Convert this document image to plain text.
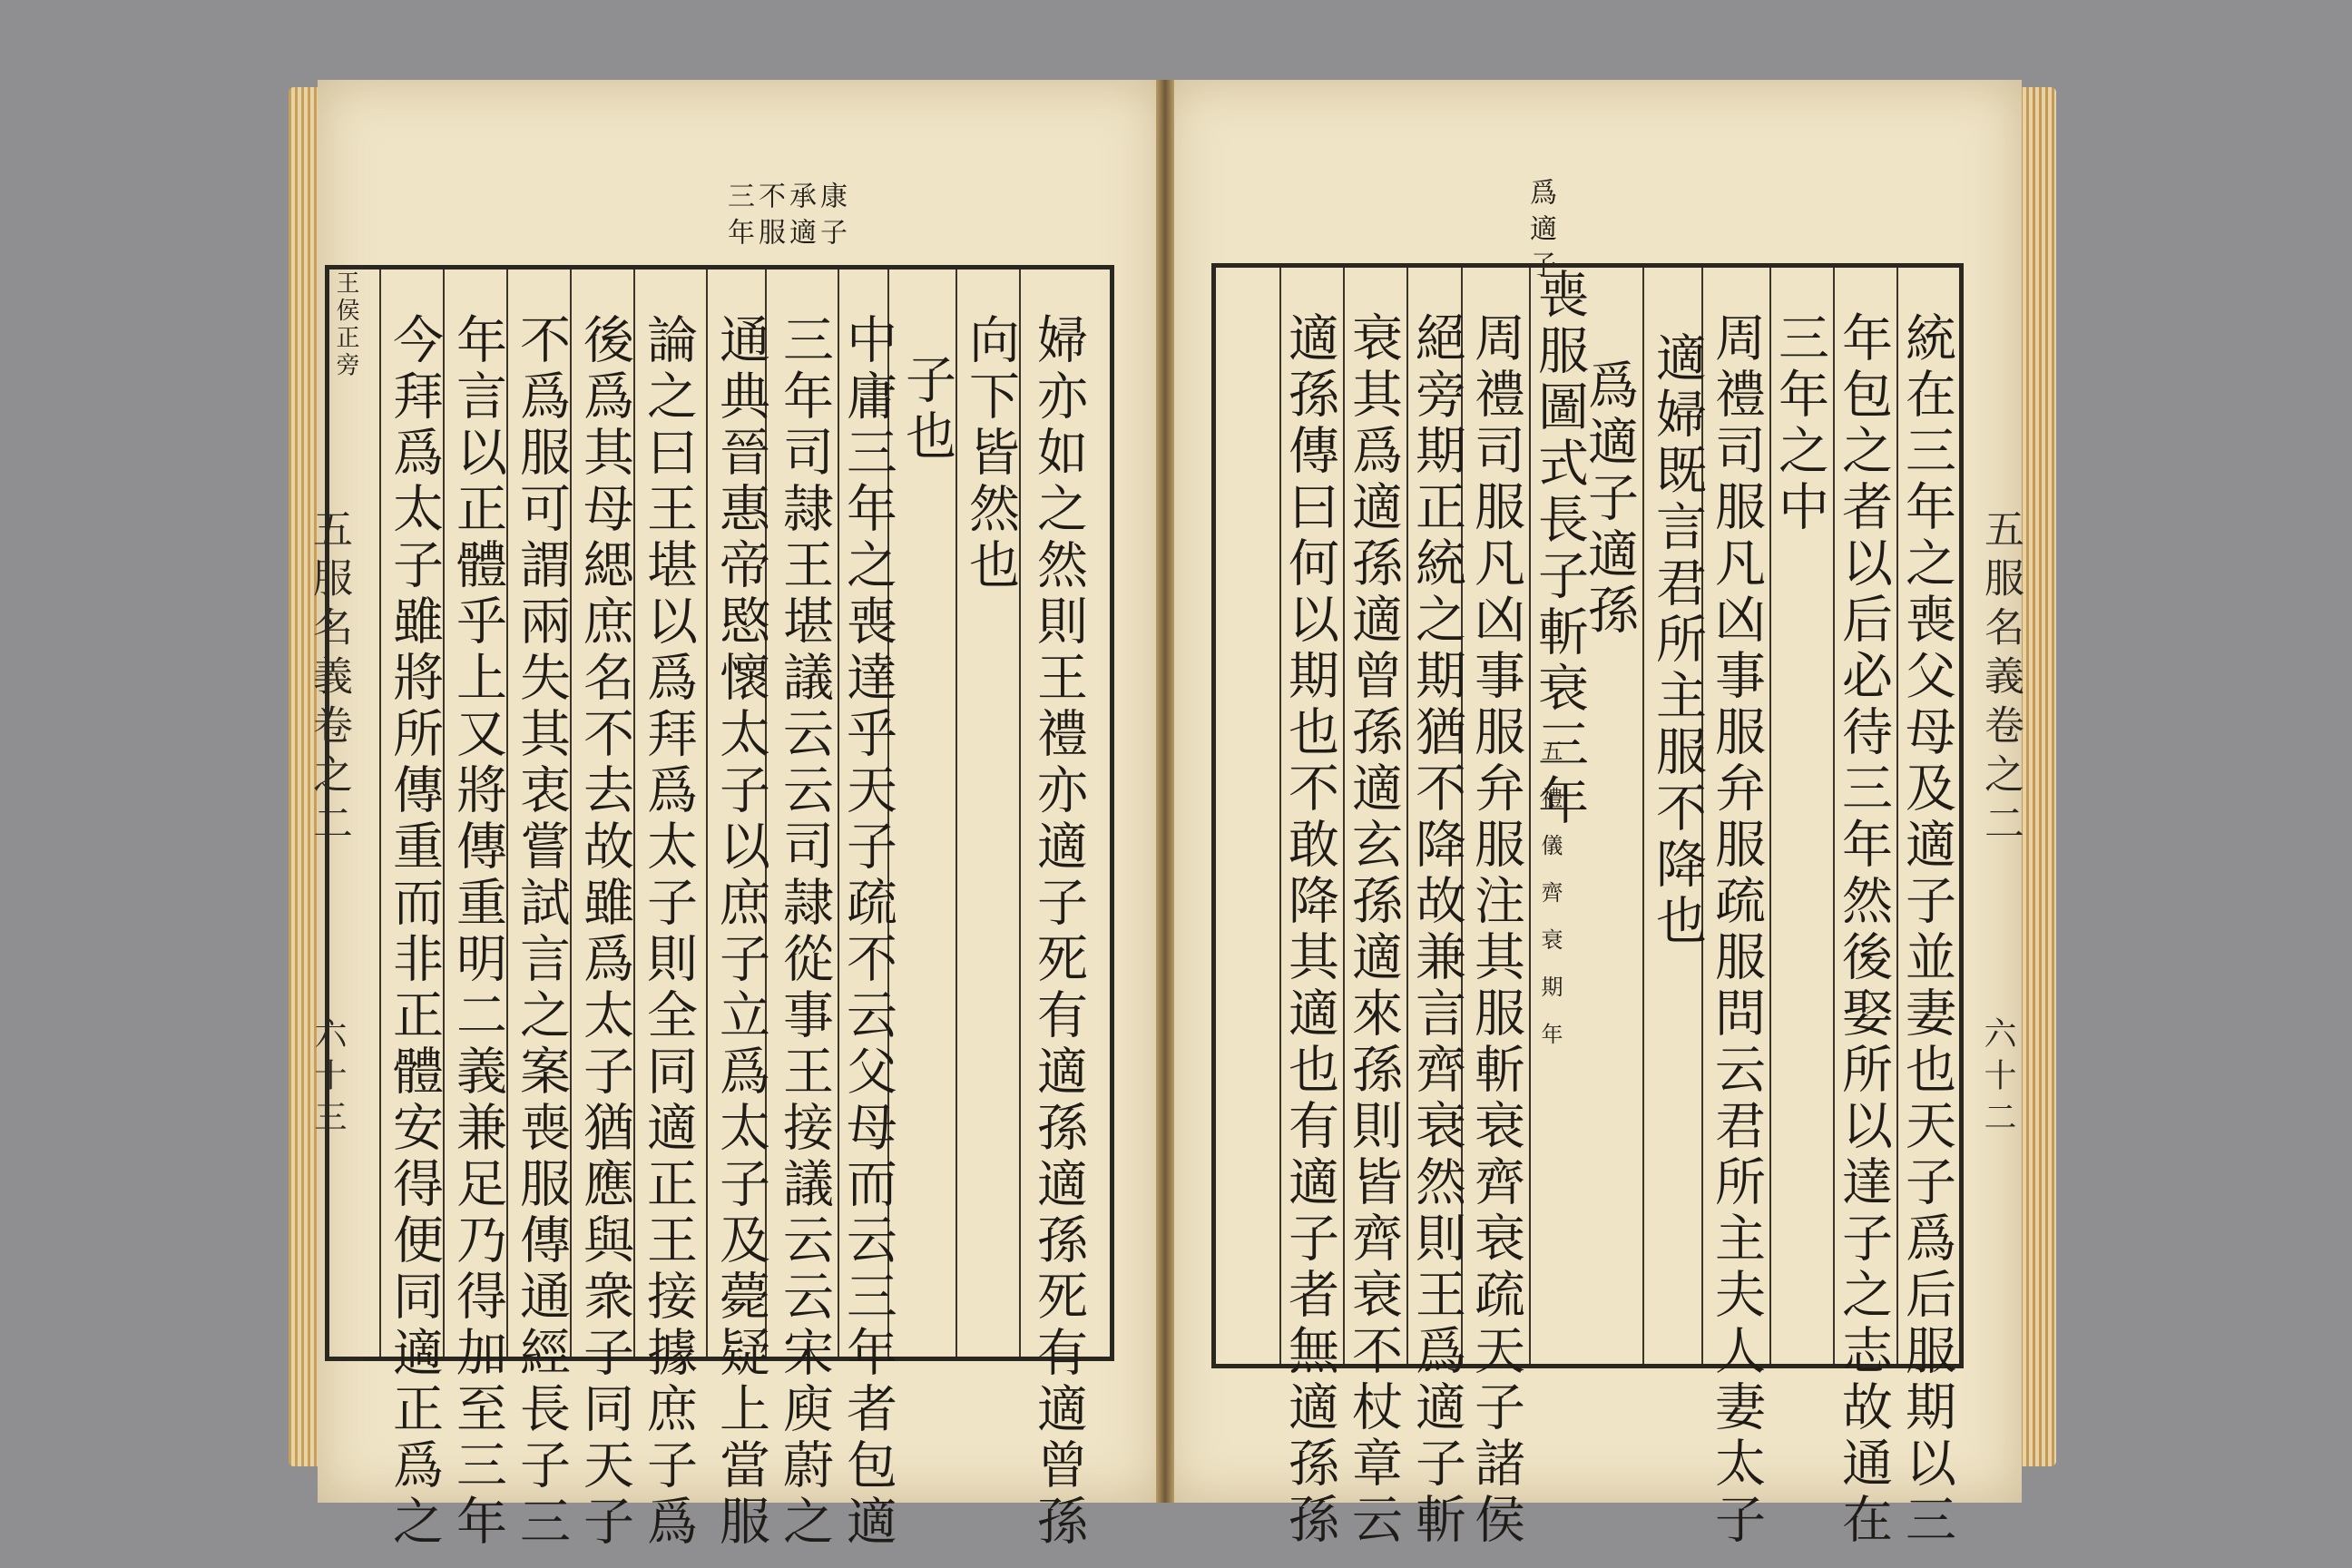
王侯正旁
康子
承適
不服
三年
婦亦如之然則王禮亦適子死有適孫適孫死有適曾孫
向下皆然也
子也
中庸三年之喪達乎天子疏不云父母而云三年者包適
三年司隷王堪議云云司隷從事王接議云云宋庾蔚之
通典晉惠帝愍懷太子以庶子立爲太子及薨疑上當服
論之曰王堪以爲拜爲太子則全同適正王接據庶子爲
後爲其母緦庶名不去故雖爲太子猶應與衆子同天子
不爲服可謂兩失其衷嘗試言之案喪服傳通經長子三
年言以正體乎上又將傳重明二義兼足乃得加至三年
今拜爲太子雖將所傳重而非正體安得便同適正爲之
五服名義卷之二
六十三
爲適子
統在三年之喪父母及適子並妻也天子爲后服期以三
年包之者以后必待三年然後娶所以達子之志故通在
三年之中
周禮司服凡凶事服弁服疏服問云君所主夫人妻太子
適婦既言君所主服不降也
爲適子適孫
喪服圖式長子斬衰三年
五禮儀齊衰期年
周禮司服凡凶事服弁服注其服斬衰齊衰疏天子諸侯
絕旁期正統之期猶不降故兼言齊衰然則王爲適子斬
衰其爲適孫適曾孫適玄孫適來孫則皆齊衰不杖章云
適孫傳曰何以期也不敢降其適也有適子者無適孫孫	五服名義卷之二
六十二
